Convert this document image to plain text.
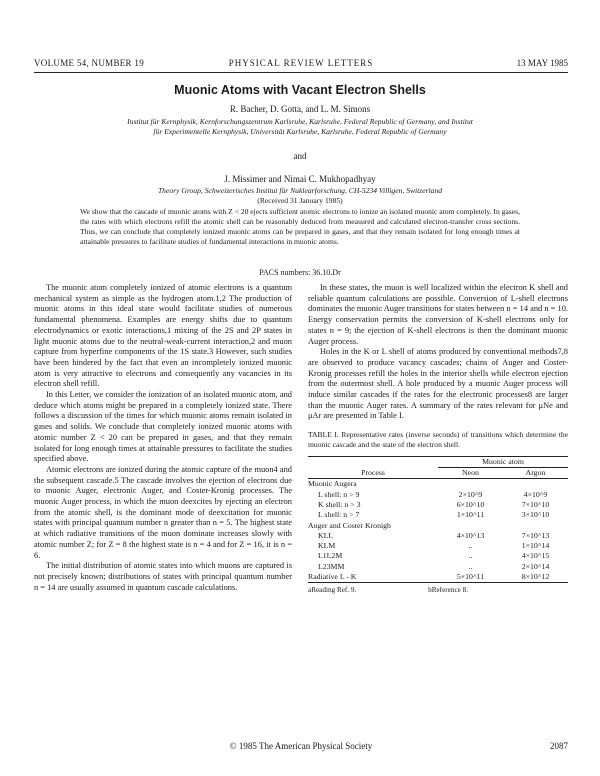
VOLUME 54, NUMBER 19	PHYSICAL REVIEW LETTERS	13 MAY 1985
Muonic Atoms with Vacant Electron Shells
R. Bacher, D. Gotta, and L. M. Simons
Institut für Kernphysik, Kernforschungszentrum Karlsruhe, Karlsruhe, Federal Republic of Germany, and Institut
für Experimentelle Kernphysik, Universität Karlsruhe, Karlsruhe, Federal Republic of Germany
and
J. Missimer and Nimai C. Mukhopadhyay
Theory Group, Schweizerisches Institut für Nuklearforschung, CH-5234 Villigen, Switzerland
(Received 31 January 1985)
We show that the cascade of muonic atoms with Z < 20 ejects sufficient atomic electrons to ionize an isolated muonic atom completely. In gases, the rates with which electrons refill the atomic shell can be reasonably deduced from measured and calculated electron-transfer cross sections. Thus, we can conclude that completely ionized muonic atoms can be prepared in gases, and that they remain isolated for long enough times at attainable pressures to facilitate studies of fundamental interactions in muonic atoms.
PACS numbers: 36.10.Dr

The muonic atom completely ionized of atomic electrons is a quantum mechanical system as simple as the hydrogen atom.1,2 The production of muonic atoms in this ideal state would facilitate studies of numerous fundamental phenomena. Examples are energy shifts due to quantum electrodynamics or exotic interactions,1 mixing of the 2S and 2P states in light muonic atoms due to the neutral-weak-current interaction,2 and muon capture from hyperfine components of the 1S state.3 However, such studies have been hindered by the fact that even an incompletely ionized muonic atom is very attractive to electrons and consequently any vacancies in its electron shell refill.

In this Letter, we consider the ionization of an isolated muonic atom, and deduce which atoms might be prepared in a completely ionized state. There follows a discussion of the times for which muonic atoms remain isolated in gases and solids. We conclude that completely ionized muonic atoms with atomic number Z < 20 can be prepared in gases, and that they remain isolated for long enough times at attainable pressures to facilitate the studies specified above.

Atomic electrons are ionized during the atomic capture of the muon4 and the subsequent cascade.5 The cascade involves the ejection of electrons due to muonic Auger, electronic Auger, and Coster-Kronig processes. The muonic Auger process, in which the muon deexcites by ejecting an electron from the atomic shell, is the dominant mode of deexcitation for muonic states with principal quantum number n greater than n = 5. The highest state at which radiative transitions of the muon dominate increases slowly with atomic number Z; for Z = 8 the highest state is n = 4 and for Z = 16, it is n = 6.

The initial distribution of atomic states into which muons are captured is not precisely known; distributions of states with principal quantum number n = 14 are usually assumed in quantum cascade calculations.

In these states, the muon is well localized within the electron K shell and reliable quantum calculations are possible. Conversion of L-shell electrons dominates the muonic Auger transitions for states between n = 14 and n = 10. Energy conservation permits the conversion of K-shell electrons only for states n = 9; the ejection of K-shell electrons is then the dominant muonic Auger process.

Holes in the K or L shell of atoms produced by conventional methods7,8 are observed to produce vacancy cascades; chains of Auger and Coster-Kronig processes refill the holes in the interior shells while electron ejection from the outermost shell. A hole produced by a muonic Auger process will induce similar cascades if the rates for the electronic processes8 are larger than the muonic Auger rates. A summary of the rates relevant for μNe and μAr are presented in Table I.

TABLE I. Representative rates (inverse seconds) of transitions which determine the muonic cascade and the state of the electron shell.
	Muonic atom	
Process	Neon	Argon
Muonic Augera		
L shell: n > 9	2×10^9	4×10^9
K shell: n > 3	6×10^10	7×10^10
L shell: n > 7	1×10^11	3×10^10
Auger and Coster Kronigb		
KLL	4×10^13	7×10^13
KLM	..	1×10^14
L1L2M	..	4×10^15
L23MM	..	2×10^14
Radiative L - K	5×10^11	8×10^12
aReading Ref. 9.	bReference 8.
© 1985 The American Physical Society	2087
